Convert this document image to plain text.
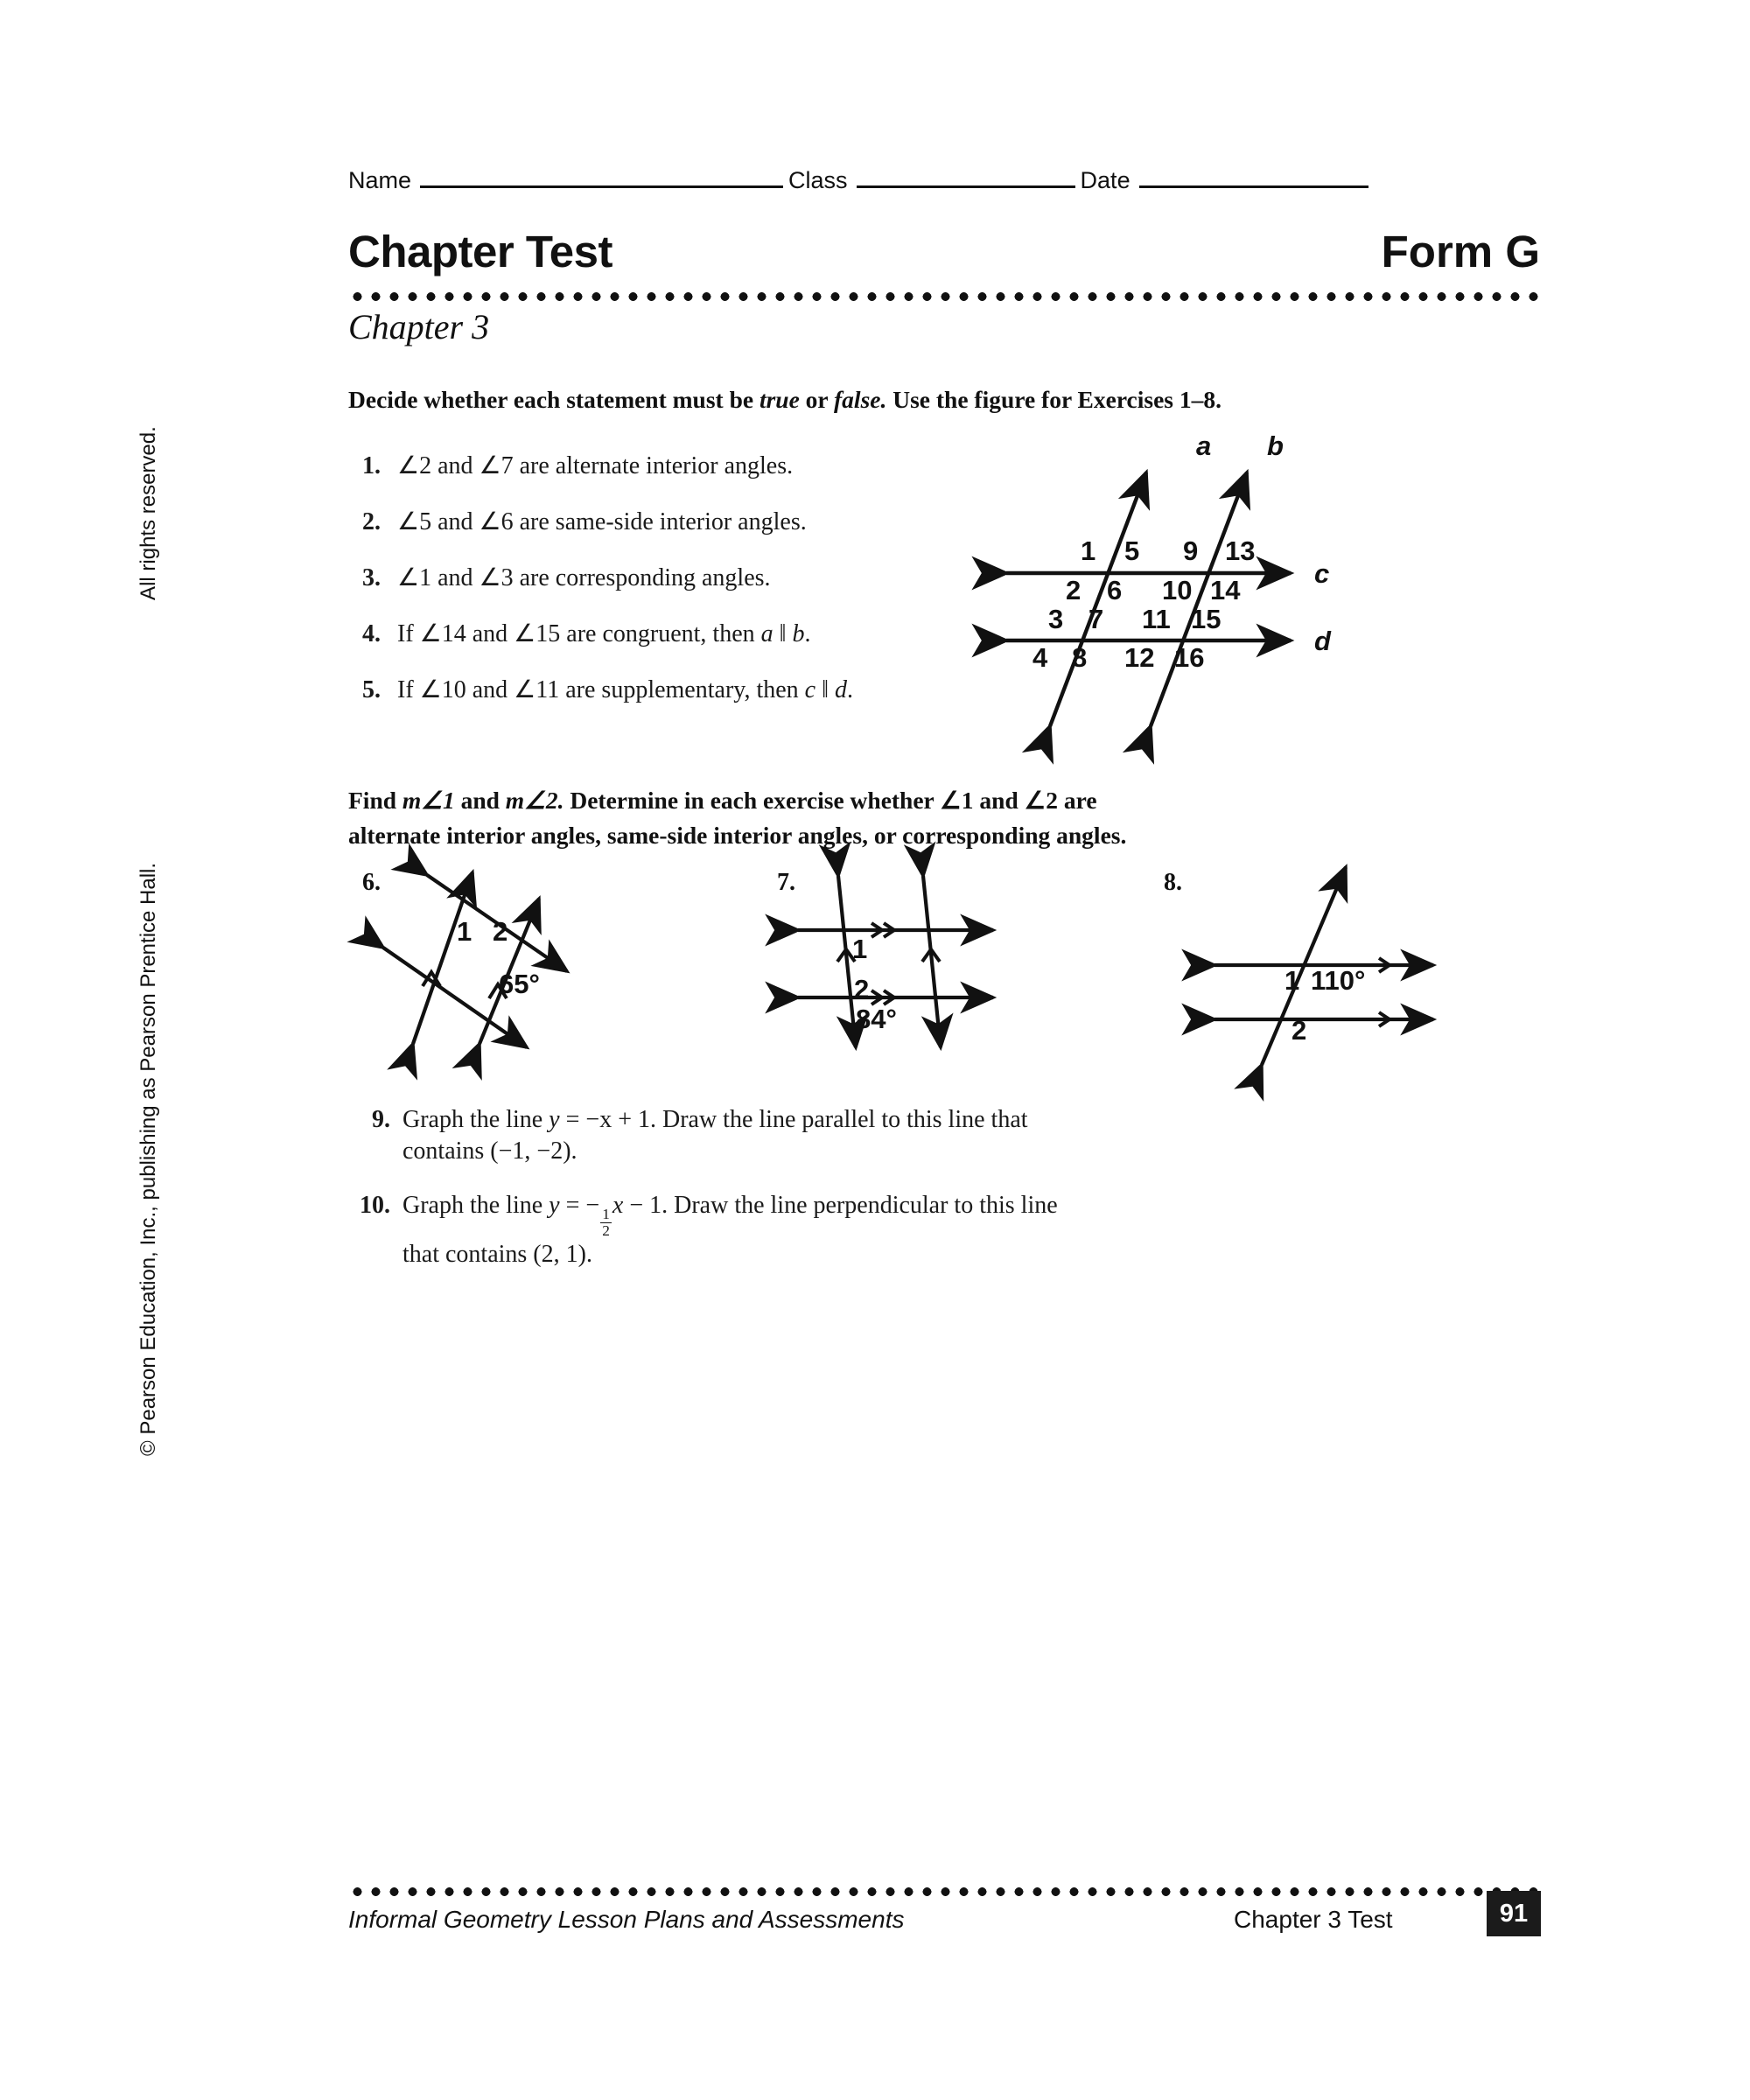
Name	Class	Date
Chapter Test	Form G
Chapter 3
Decide whether each statement must be true or false. Use the figure for Exercises 1–8.
1. ∠2 and ∠7 are alternate interior angles.
2. ∠5 and ∠6 are same-side interior angles.
3. ∠1 and ∠3 are corresponding angles.
4. If ∠14 and ∠15 are congruent, then a ‖ b.
5. If ∠10 and ∠11 are supplementary, then c ‖ d.
a b
c
d
1 5 9 13
2 6 10 14
3 7 11 15
4 8 12 16
Find m∠1 and m∠2. Determine in each exercise whether ∠1 and ∠2 are
alternate interior angles, same-side interior angles, or corresponding angles.
6.	7.	8.
1 2
65°
1
2
84°
1 110°
2
9. Graph the line y = −x + 1. Draw the line parallel to this line that
contains (−1, −2).
10. Graph the line y = −
$\frac{1}{2}$
x − 1. Draw the line perpendicular to this line
that contains (2, 1).
© Pearson Education, Inc., publishing as Pearson Prentice Hall.All rights reserved.
Informal Geometry Lesson Plans and Assessments	Chapter 3 Test	91
